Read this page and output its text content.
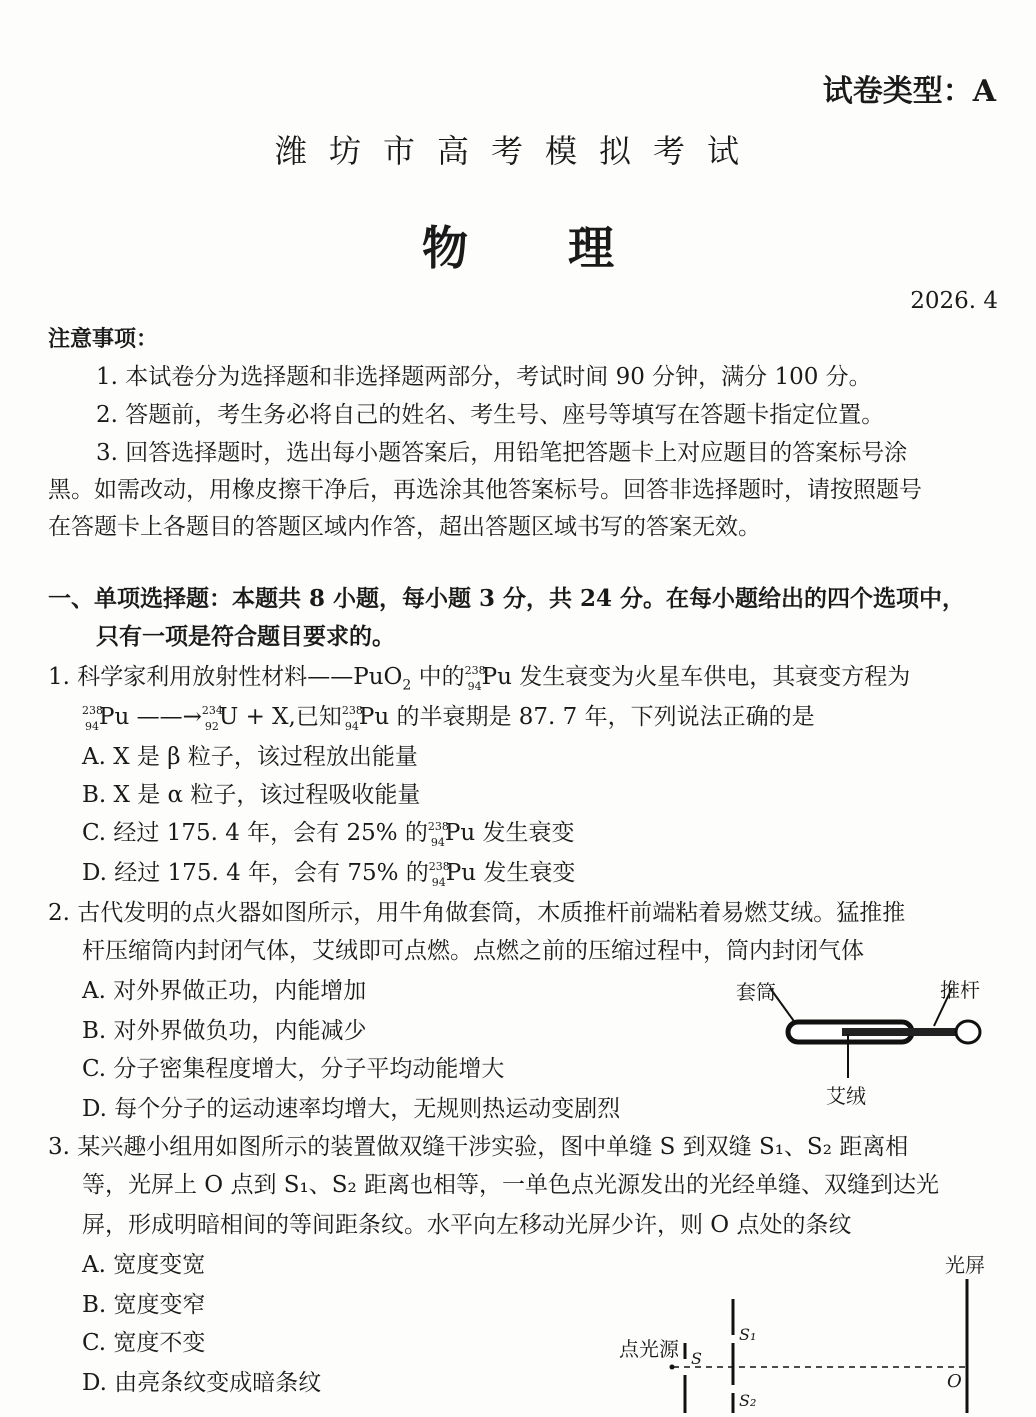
试卷类型：A
潍坊市高考模拟考试
物理
2026. 4
注意事项：
1. 本试卷分为选择题和非选择题两部分，考试时间 90 分钟，满分 100 分。
2. 答题前，考生务必将自己的姓名、考生号、座号等填写在答题卡指定位置。
3. 回答选择题时，选出每小题答案后，用铅笔把答题卡上对应题目的答案标号涂
黑。如需改动，用橡皮擦干净后，再选涂其他答案标号。回答非选择题时，请按照题号
在答题卡上各题目的答题区域内作答，超出答题区域书写的答案无效。
一、单项选择题：本题共 8 小题，每小题 3 分，共 24 分。在每小题给出的四个选项中，
只有一项是符合题目要求的。
1. 科学家利用放射性材料——PuO$_2$ 中的$^{238}_{94}$Pu 发生衰变为火星车供电，其衰变方程为
$^{238}_{94}$Pu ——→$^{234}_{92}$U + X,已知$^{238}_{94}$Pu 的半衰期是 87. 7 年，下列说法正确的是
A. X 是 β 粒子，该过程放出能量
B. X 是 α 粒子，该过程吸收能量
C. 经过 175. 4 年，会有 25% 的$^{238}_{94}$Pu 发生衰变
D. 经过 175. 4 年，会有 75% 的$^{238}_{94}$Pu 发生衰变
2. 古代发明的点火器如图所示，用牛角做套筒，木质推杆前端粘着易燃艾绒。猛推推
杆压缩筒内封闭气体，艾绒即可点燃。点燃之前的压缩过程中，筒内封闭气体
A. 对外界做正功，内能增加
B. 对外界做负功，内能减少
C. 分子密集程度增大，分子平均动能增大
D. 每个分子的运动速率均增大，无规则热运动变剧烈
套筒	推杆
艾绒
3. 某兴趣小组用如图所示的装置做双缝干涉实验，图中单缝 S 到双缝 S₁、S₂ 距离相
等，光屏上 O 点到 S₁、S₂ 距离也相等，一单色点光源发出的光经单缝、双缝到达光
屏，形成明暗相间的等间距条纹。水平向左移动光屏少许，则 O 点处的条纹
A. 宽度变宽
B. 宽度变窄
C. 宽度不变
D. 由亮条纹变成暗条纹
光屏
点光源 S
S₁
S₂
O
